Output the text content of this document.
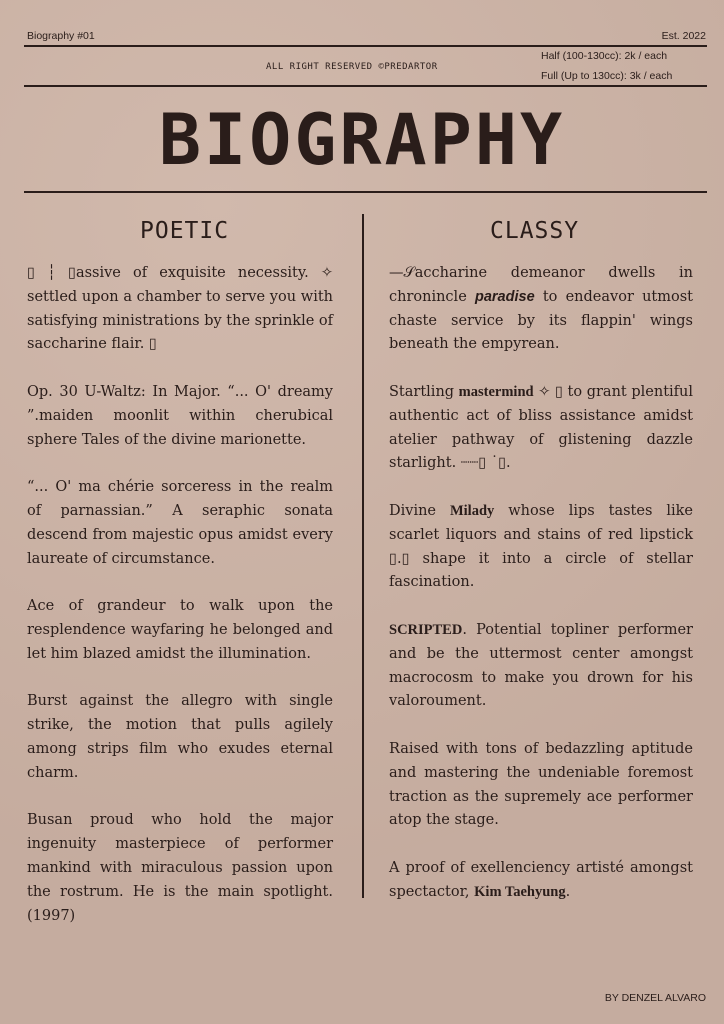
Biography #01	Est. 2022
ALL RIGHT RESERVED ©PREDARTOR
Half (100-130cc): 2k / each
Full (Up to 130cc): 3k / each
BIOGRAPHY
POETIC	CLASSY

▯ ┆ ▯assive of exquisite necessity. ✧ settled upon a chamber to serve you with satisfying ministrations by the sprinkle of saccharine flair. ▯

Op. 30 U-Waltz: In Major. “... O' dreamy ”.maiden moonlit within cherubical sphere Tales of the divine marionette.

“... O' ma chérie sorceress in the realm of parnassian.” A seraphic sonata descend from majestic opus amidst every laureate of circumstance.

Ace of grandeur to walk upon the resplendence wayfaring he belonged and let him blazed amidst the illumination.

Burst against the allegro with single strike, the motion that pulls agilely among strips film who exudes eternal charm.

Busan proud who hold the major ingenuity masterpiece of performer mankind with miraculous passion upon the rostrum. He is the main spotlight. (1997)

—𝒮accharine demeanor dwells in chronincle paradise to endeavor utmost chaste service by its flappin' wings beneath the empyrean.

Startling mastermind ✧ ▯ to grant plentiful authentic act of bliss assistance amidst atelier pathway of glistening dazzle starlight. ┈┈▯ ˙▯.

Divine Milady whose lips tastes like scarlet liquors and stains of red lipstick ▯.▯ shape it into a circle of stellar fascination.

SCRIPTED. Potential topliner performer and be the uttermost center amongst macrocosm to make you drown for his valoroument.

Raised with tons of bedazzling aptitude and mastering the undeniable foremost traction as the supremely ace performer atop the stage.

A proof of exellenciency artisté amongst spectactor, Kim Taehyung.

BY DENZEL ALVARO
